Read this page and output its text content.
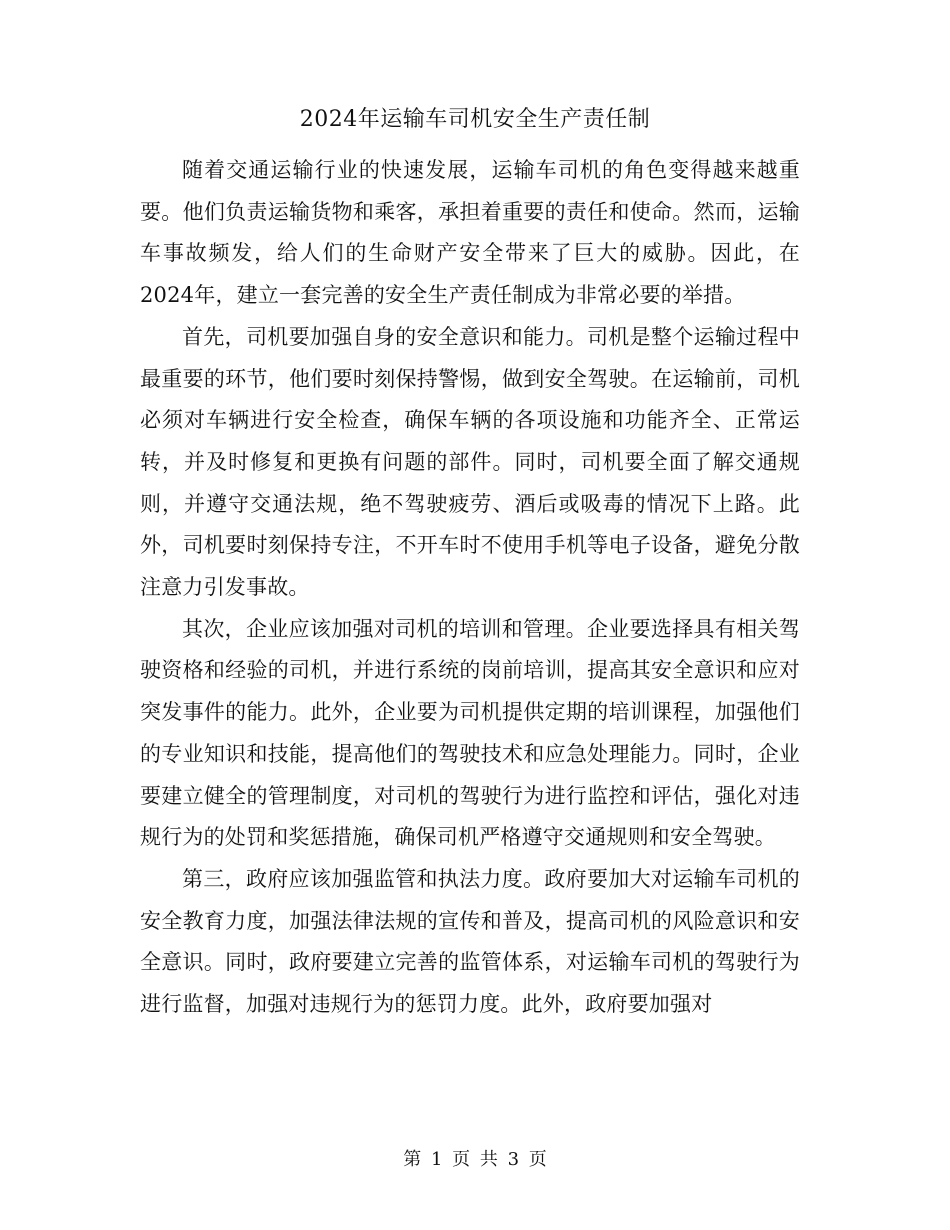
2024年运输车司机安全生产责任制

随着交通运输行业的快速发展，运输车司机的角色变得越来越重要。他们负责运输货物和乘客，承担着重要的责任和使命。然而，运输车事故频发，给人们的生命财产安全带来了巨大的威胁。因此，在2024年，建立一套完善的安全生产责任制成为非常必要的举措。

首先，司机要加强自身的安全意识和能力。司机是整个运输过程中最重要的环节，他们要时刻保持警惕，做到安全驾驶。在运输前，司机必须对车辆进行安全检查，确保车辆的各项设施和功能齐全、正常运转，并及时修复和更换有问题的部件。同时，司机要全面了解交通规则，并遵守交通法规，绝不驾驶疲劳、酒后或吸毒的情况下上路。此外，司机要时刻保持专注，不开车时不使用手机等电子设备，避免分散注意力引发事故。

其次，企业应该加强对司机的培训和管理。企业要选择具有相关驾驶资格和经验的司机，并进行系统的岗前培训，提高其安全意识和应对突发事件的能力。此外，企业要为司机提供定期的培训课程，加强他们的专业知识和技能，提高他们的驾驶技术和应急处理能力。同时，企业要建立健全的管理制度，对司机的驾驶行为进行监控和评估，强化对违规行为的处罚和奖惩措施，确保司机严格遵守交通规则和安全驾驶。

第三，政府应该加强监管和执法力度。政府要加大对运输车司机的安全教育力度，加强法律法规的宣传和普及，提高司机的风险意识和安全意识。同时，政府要建立完善的监管体系，对运输车司机的驾驶行为进行监督，加强对违规行为的惩罚力度。此外，政府要加强对

第 1 页 共 3 页
